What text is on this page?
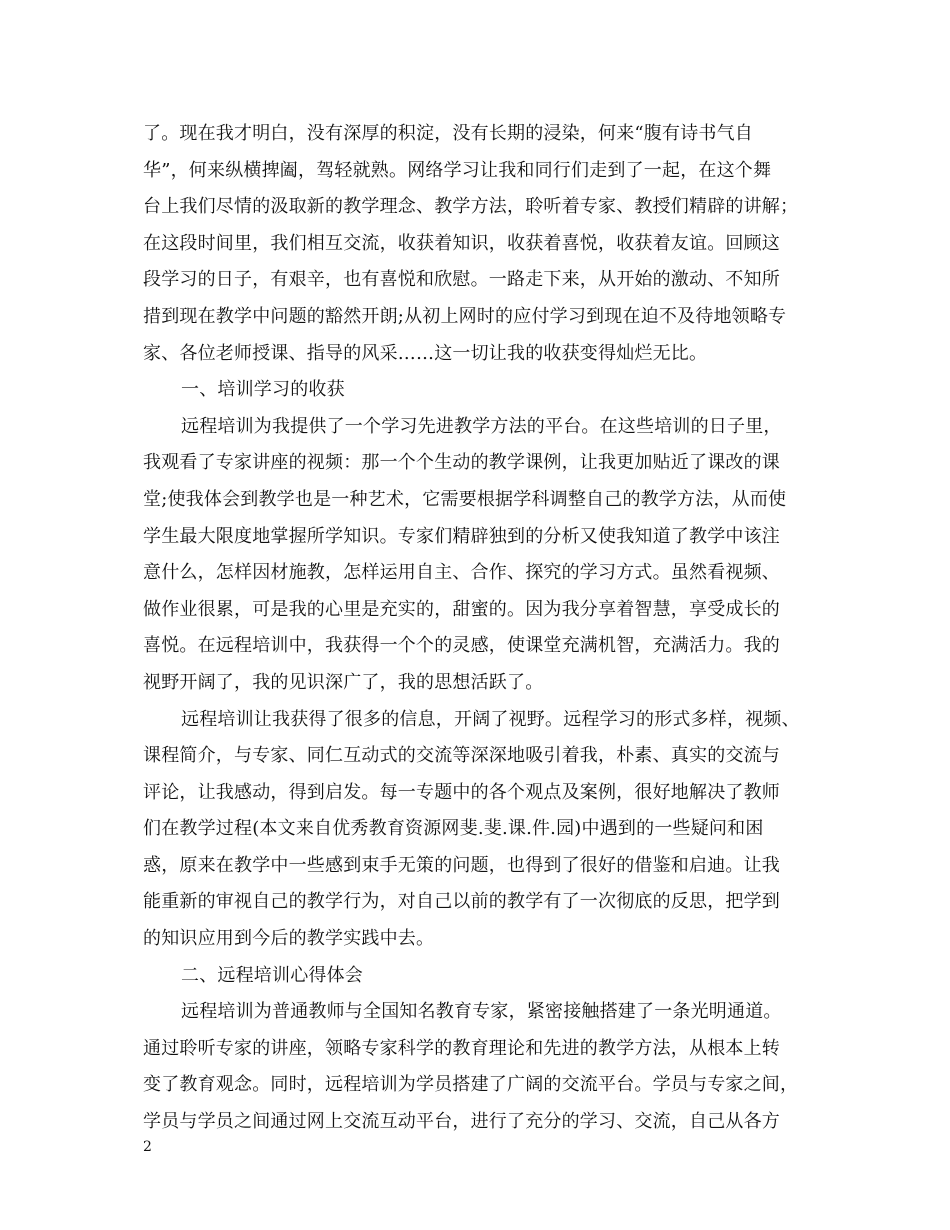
了。现在我才明白，没有深厚的积淀，没有长期的浸染，何来“腹有诗书气自
华”，何来纵横捭阖，驾轻就熟。网络学习让我和同行们走到了一起，在这个舞
台上我们尽情的汲取新的教学理念、教学方法，聆听着专家、教授们精辟的讲解；
在这段时间里，我们相互交流，收获着知识，收获着喜悦，收获着友谊。回顾这
段学习的日子，有艰辛，也有喜悦和欣慰。一路走下来，从开始的激动、不知所
措到现在教学中问题的豁然开朗;从初上网时的应付学习到现在迫不及待地领略专
家、各位老师授课、指导的风采……这一切让我的收获变得灿烂无比。
一、培训学习的收获
远程培训为我提供了一个学习先进教学方法的平台。在这些培训的日子里，
我观看了专家讲座的视频：那一个个生动的教学课例，让我更加贴近了课改的课
堂;使我体会到教学也是一种艺术，它需要根据学科调整自己的教学方法，从而使
学生最大限度地掌握所学知识。专家们精辟独到的分析又使我知道了教学中该注
意什么，怎样因材施教，怎样运用自主、合作、探究的学习方式。虽然看视频、
做作业很累，可是我的心里是充实的，甜蜜的。因为我分享着智慧，享受成长的
喜悦。在远程培训中，我获得一个个的灵感，使课堂充满机智，充满活力。我的
视野开阔了，我的见识深广了，我的思想活跃了。
远程培训让我获得了很多的信息，开阔了视野。远程学习的形式多样，视频、
课程简介，与专家、同仁互动式的交流等深深地吸引着我，朴素、真实的交流与
评论，让我感动，得到启发。每一专题中的各个观点及案例，很好地解决了教师
们在教学过程(本文来自优秀教育资源网斐.斐.课.件.园)中遇到的一些疑问和困
惑，原来在教学中一些感到束手无策的问题，也得到了很好的借鉴和启迪。让我
能重新的审视自己的教学行为，对自己以前的教学有了一次彻底的反思，把学到
的知识应用到今后的教学实践中去。
二、远程培训心得体会
远程培训为普通教师与全国知名教育专家，紧密接触搭建了一条光明通道。
通过聆听专家的讲座，领略专家科学的教育理论和先进的教学方法，从根本上转
变了教育观念。同时，远程培训为学员搭建了广阔的交流平台。学员与专家之间，
学员与学员之间通过网上交流互动平台，进行了充分的学习、交流，自己从各方
2
